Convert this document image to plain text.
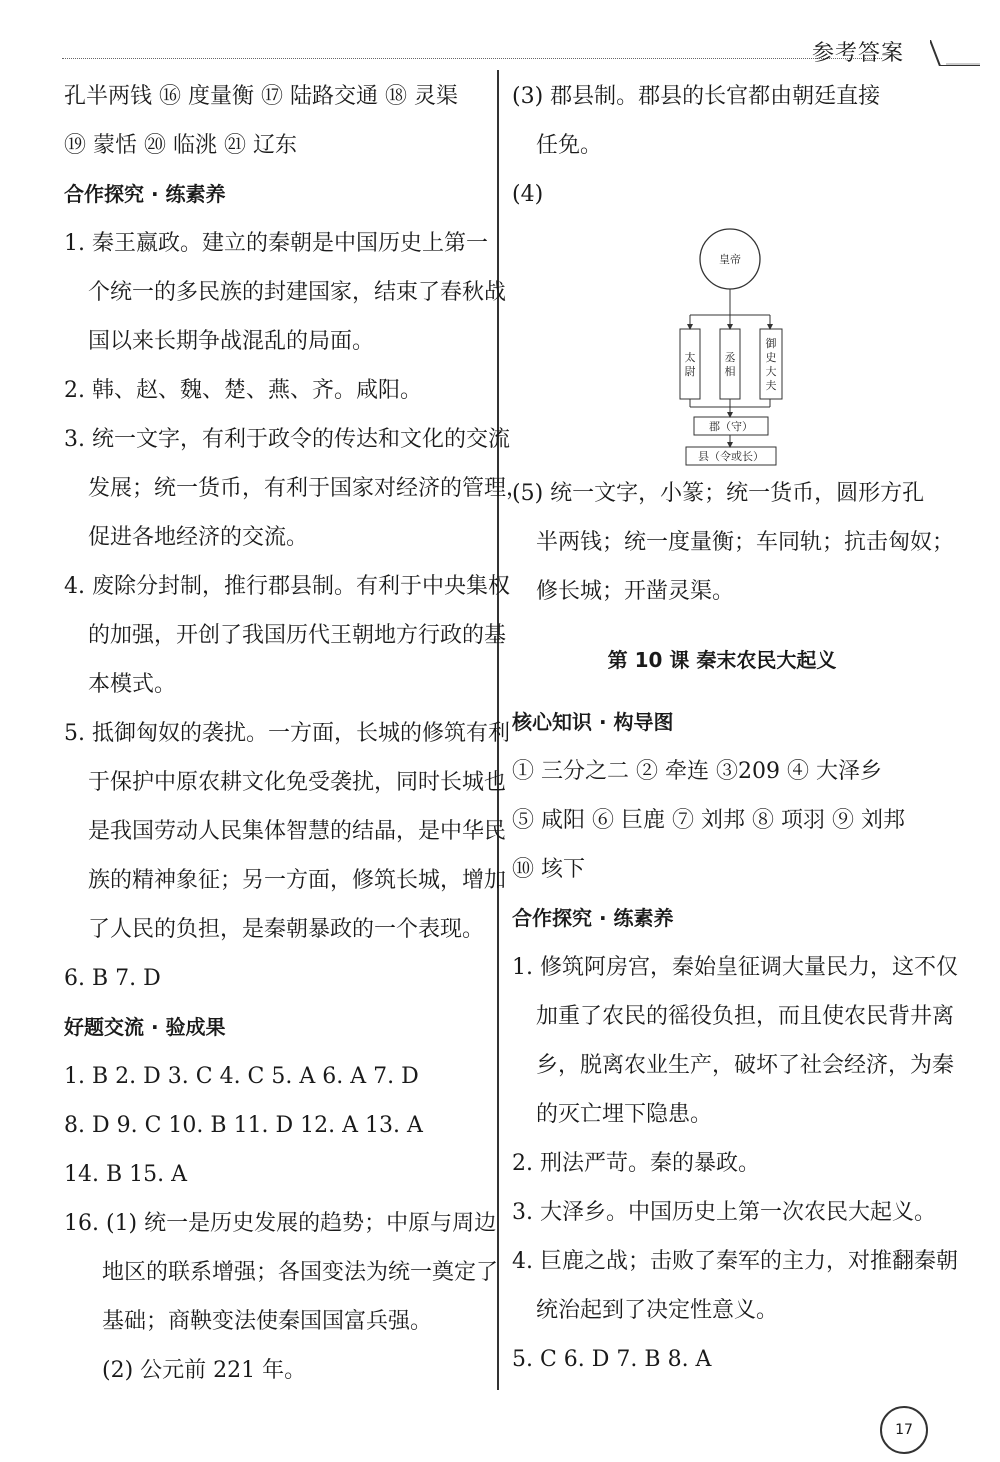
参考答案
孔半两钱 ⑯ 度量衡 ⑰ 陆路交通 ⑱ 灵渠
⑲ 蒙恬 ⑳ 临洮 ㉑ 辽东
合作探究 · 练素养
1. 秦王嬴政。建立的秦朝是中国历史上第一
个统一的多民族的封建国家，结束了春秋战
国以来长期争战混乱的局面。
2. 韩、赵、魏、楚、燕、齐。咸阳。
3. 统一文字，有利于政令的传达和文化的交流
发展；统一货币，有利于国家对经济的管理，
促进各地经济的交流。
4. 废除分封制，推行郡县制。有利于中央集权
的加强，开创了我国历代王朝地方行政的基
本模式。
5. 抵御匈奴的袭扰。一方面，长城的修筑有利
于保护中原农耕文化免受袭扰，同时长城也
是我国劳动人民集体智慧的结晶，是中华民
族的精神象征；另一方面，修筑长城，增加
了人民的负担，是秦朝暴政的一个表现。
6. B 7. D
好题交流 · 验成果
1. B 2. D 3. C 4. C 5. A 6. A 7. D
8. D 9. C 10. B 11. D 12. A 13. A
14. B 15. A
16. (1) 统一是历史发展的趋势；中原与周边
地区的联系增强；各国变法为统一奠定了
基础；商鞅变法使秦国国富兵强。
(2) 公元前 221 年。
(3) 郡县制。郡县的长官都由朝廷直接
任免。
(4)
皇帝
太
尉
丞
相
御
史
大
夫
郡（守）
县（令或长）
(5) 统一文字，小篆；统一货币，圆形方孔
半两钱；统一度量衡；车同轨；抗击匈奴；
修长城；开凿灵渠。
第 10 课 秦末农民大起义
核心知识 · 构导图
① 三分之二 ② 牵连 ③209 ④ 大泽乡
⑤ 咸阳 ⑥ 巨鹿 ⑦ 刘邦 ⑧ 项羽 ⑨ 刘邦
⑩ 垓下
合作探究 · 练素养
1. 修筑阿房宫，秦始皇征调大量民力，这不仅
加重了农民的徭役负担，而且使农民背井离
乡，脱离农业生产，破坏了社会经济，为秦
的灭亡埋下隐患。
2. 刑法严苛。秦的暴政。
3. 大泽乡。中国历史上第一次农民大起义。
4. 巨鹿之战；击败了秦军的主力，对推翻秦朝
统治起到了决定性意义。
5. C 6. D 7. B 8. A
17
